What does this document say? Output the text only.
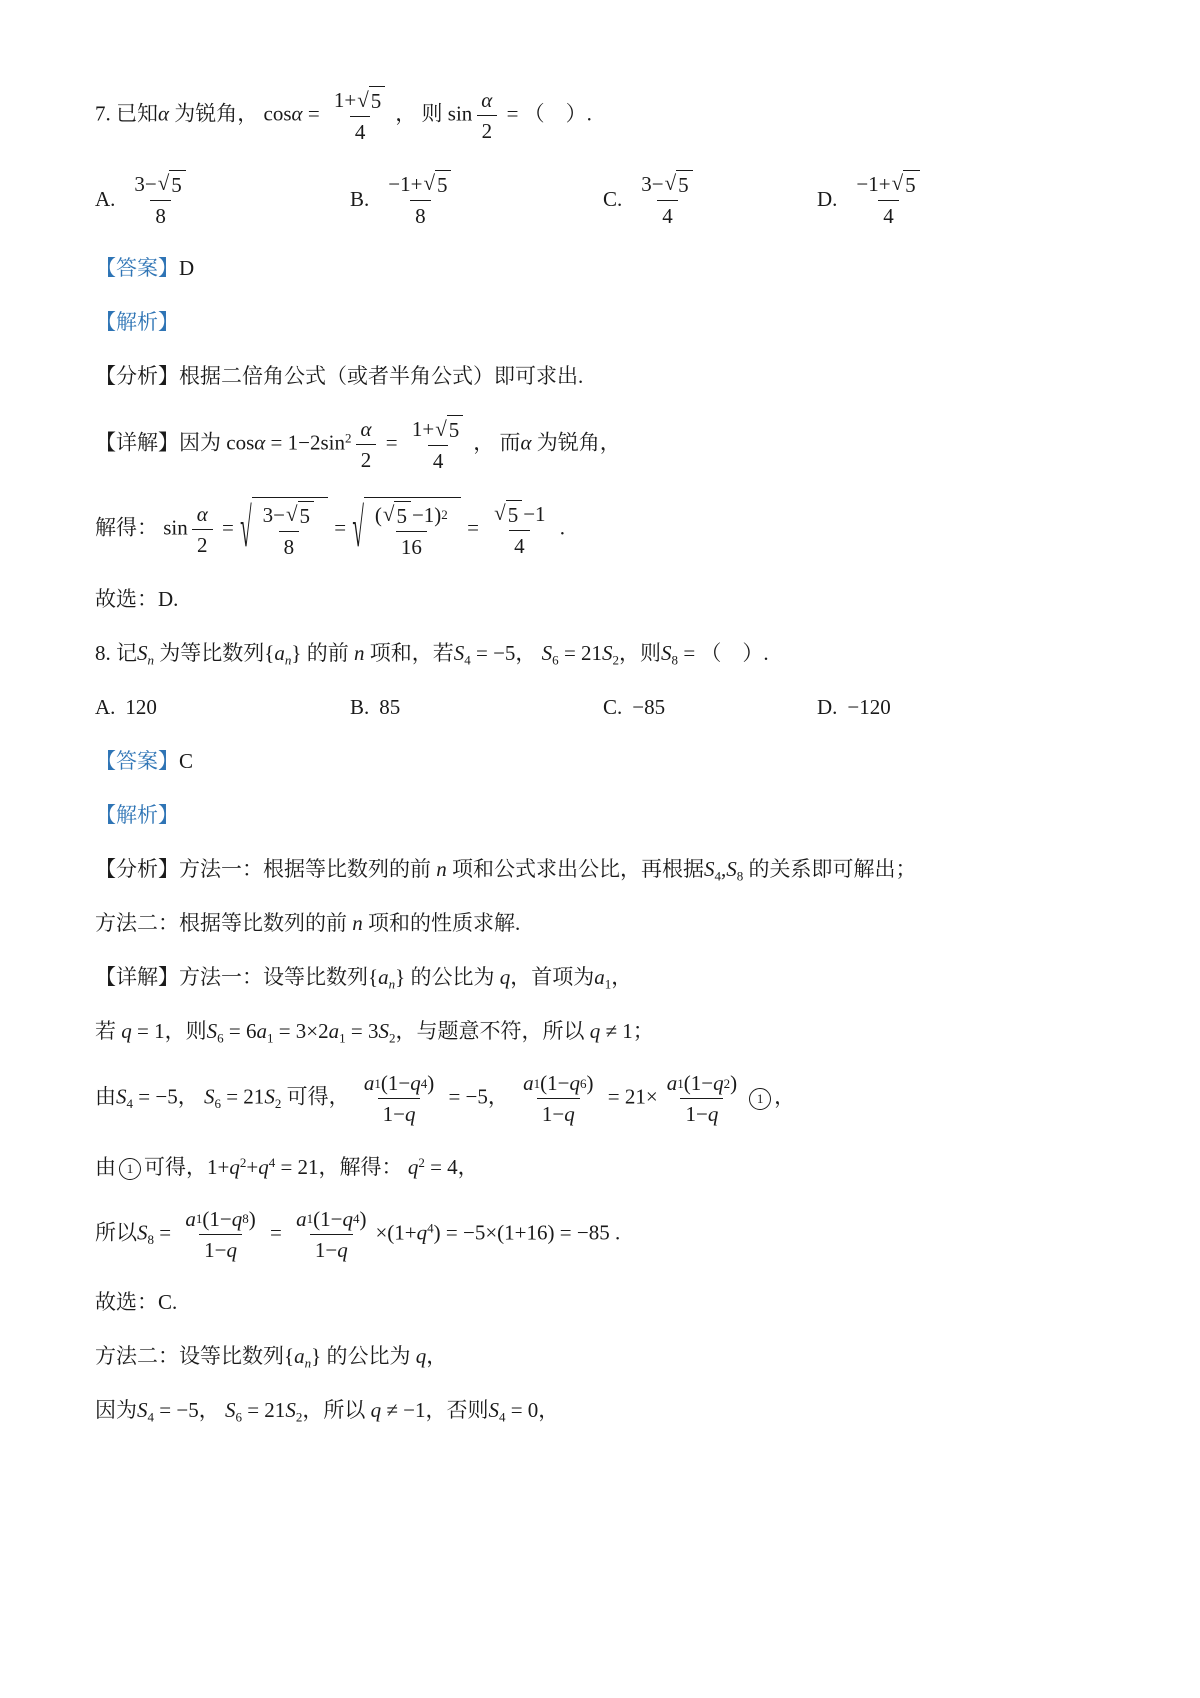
7. 已知α 为锐角， $\cos\alpha = \frac{1+ √ 5}{4}$ ， 则 $\sin \frac{\alpha}{2}$ = （　）.
A. $\frac{3- √ 5}{8}$	B. $\frac{-1+ √ 5}{8}$	C. $\frac{3- √ 5}{4}$	D. $\frac{-1+ √ 5}{4}$
【答案】D
【解析】
【分析】根据二倍角公式（或者半角公式）即可求出.
【详解】因为 $\cos\alpha = 1-2\sin^2 \frac{\alpha}{2} = \frac{1+ √ 5}{4}$ ， 而α 为锐角，
解得： $\sin \frac{\alpha}{2}$ = √ $\frac{3- √ 5}{8}$ = √ $\frac{( √ 5 -1) 2}{16} = \frac{√ 5 -1}{4}$ .
故选：D.
8. 记$S_n$ 为等比数列$\{a_n\}$ 的前 n 项和，若$S_4 = -5$， $S_6 = 21S_2$，则$S_8$ = （　）.
A. 120	B. 85	C. −85	D. −120
【答案】C
【解析】
【分析】方法一：根据等比数列的前 n 项和公式求出公比，再根据$S_4,S_8$ 的关系即可解出；
方法二：根据等比数列的前 n 项和的性质求解.
【详解】方法一：设等比数列$\{a_n\}$ 的公比为 q，首项为$a_1$，
若 q = 1，则$S_6 = 6a_1 = 3\times 2a_1 = 3S_2$，与题意不符，所以 q ≠ 1；
由$S_4 = -5$， $S_6 = 21S_2$ 可得， $\frac{a 1 (1- q 4 )}{1- q} = -5$， $\frac{a 1 (1- q 6 )}{1- q} = 21\times \frac{a 1 (1- q 2 )}{1- q} 1$ ，
由 1 可得，$1+q^2+q^4 = 21$，解得： $q^2 = 4$，
所以$S_8 = \frac{a 1 (1- q 8 )}{1- q} = \frac{a 1 (1- q 4 )}{1- q} \times(1+q^4) = -5\times(1+16) = -85$ .
故选：C.
方法二：设等比数列$\{a_n\}$ 的公比为 q，
因为$S_4 = -5$， $S_6 = 21S_2$，所以 q ≠ −1，否则$S_4 = 0$，
